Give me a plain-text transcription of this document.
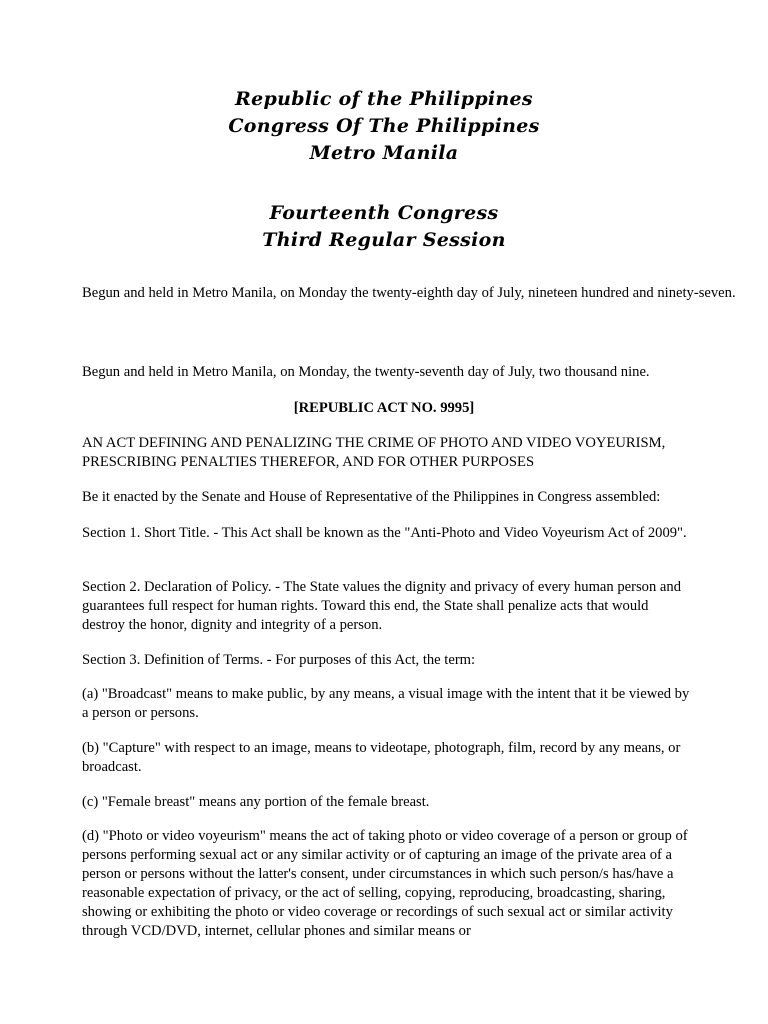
Republic of the Philippines
Congress Of The Philippines
Metro Manila
Fourteenth Congress
Third Regular Session

Begun and held in Metro Manila, on Monday the twenty-eighth day of July, nineteen hundred and ninety-seven.

Begun and held in Metro Manila, on Monday, the twenty-seventh day of July, two thousand nine.

[REPUBLIC ACT NO. 9995]

AN ACT DEFINING AND PENALIZING THE CRIME OF PHOTO AND VIDEO VOYEURISM, PRESCRIBING PENALTIES THEREFOR, AND FOR OTHER PURPOSES

Be it enacted by the Senate and House of Representative of the Philippines in Congress assembled:

Section 1. Short Title. - This Act shall be known as the "Anti-Photo and Video Voyeurism Act of 2009".

Section 2. Declaration of Policy. - The State values the dignity and privacy of every human person and guarantees full respect for human rights. Toward this end, the State shall penalize acts that would destroy the honor, dignity and integrity of a person.

Section 3. Definition of Terms. - For purposes of this Act, the term:

(a) "Broadcast" means to make public, by any means, a visual image with the intent that it be viewed by a person or persons.

(b) "Capture" with respect to an image, means to videotape, photograph, film, record by any means, or broadcast.

(c) "Female breast" means any portion of the female breast.

(d) "Photo or video voyeurism" means the act of taking photo or video coverage of a person or group of persons performing sexual act or any similar activity or of capturing an image of the private area of a person or persons without the latter's consent, under circumstances in which such person/s has/have a reasonable expectation of privacy, or the act of selling, copying, reproducing, broadcasting, sharing, showing or exhibiting the photo or video coverage or recordings of such sexual act or similar activity through VCD/DVD, internet, cellular phones and similar means or
